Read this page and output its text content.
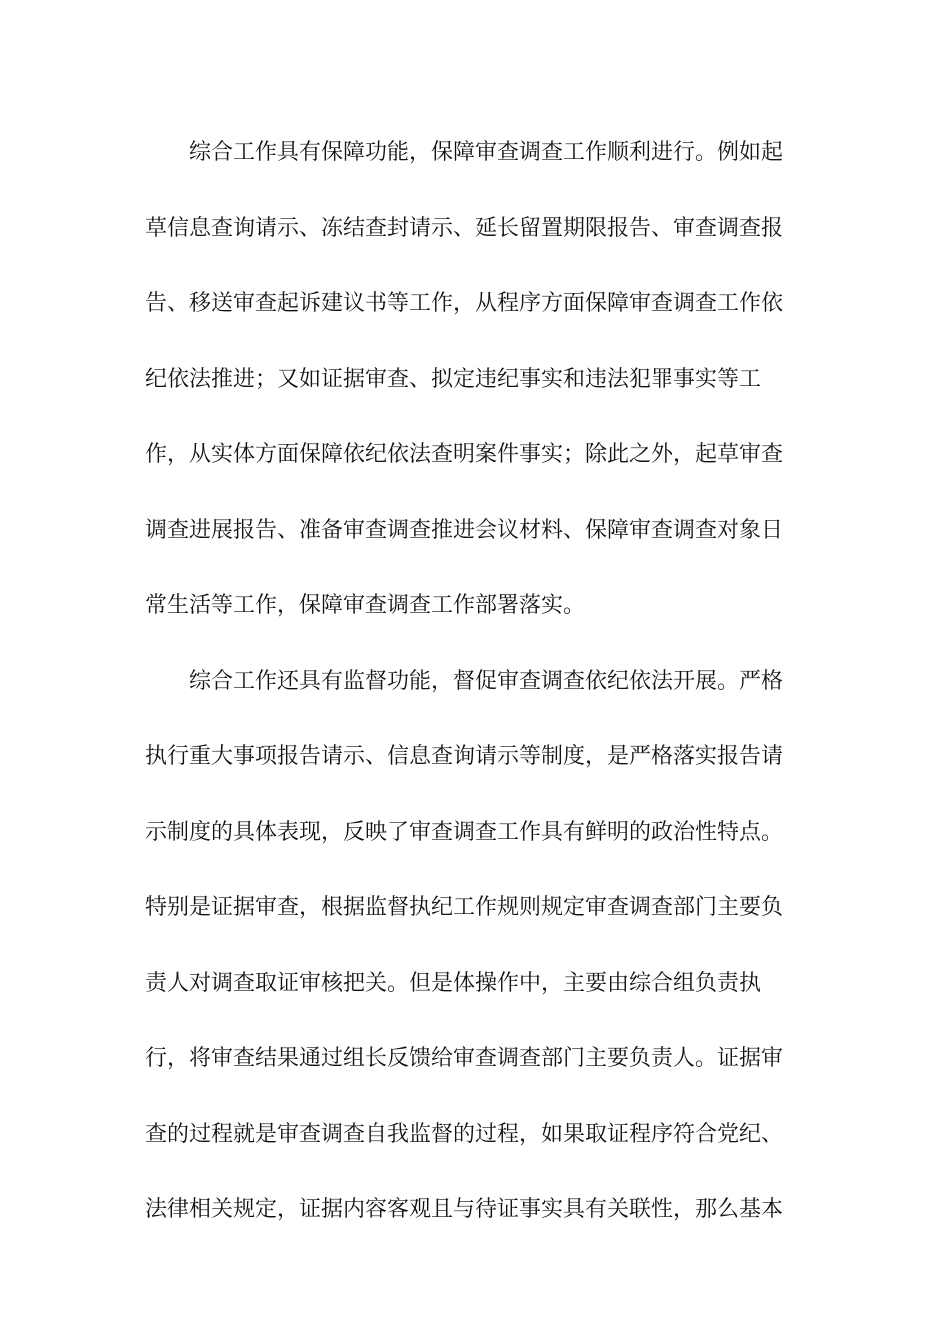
综合工作具有保障功能，保障审查调查工作顺利进行。例如起
草信息查询请示、冻结查封请示、延长留置期限报告、审查调查报
告、移送审查起诉建议书等工作，从程序方面保障审查调查工作依
纪依法推进；又如证据审查、拟定违纪事实和违法犯罪事实等工
作，从实体方面保障依纪依法查明案件事实；除此之外，起草审查
调查进展报告、准备审查调查推进会议材料、保障审查调查对象日
常生活等工作，保障审查调查工作部署落实。
综合工作还具有监督功能，督促审查调查依纪依法开展。严格
执行重大事项报告请示、信息查询请示等制度，是严格落实报告请
示制度的具体表现，反映了审查调查工作具有鲜明的政治性特点。
特别是证据审查，根据监督执纪工作规则规定审查调查部门主要负
责人对调查取证审核把关。但是体操作中，主要由综合组负责执
行，将审查结果通过组长反馈给审查调查部门主要负责人。证据审
查的过程就是审查调查自我监督的过程，如果取证程序符合党纪、
法律相关规定，证据内容客观且与待证事实具有关联性，那么基本
